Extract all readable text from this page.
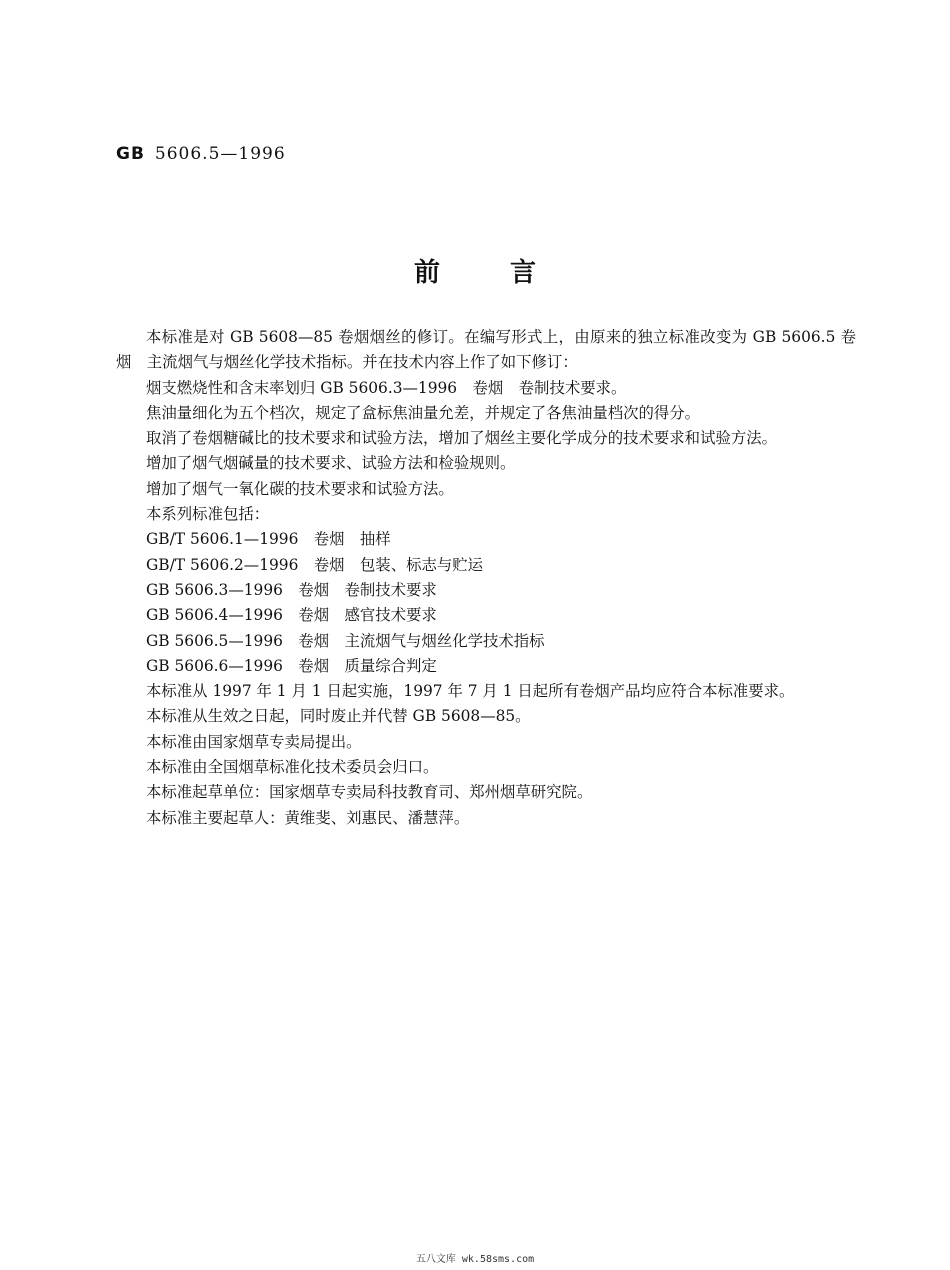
GB 5606.5—1996
前言

本标准是对 GB 5608—85 卷烟烟丝的修订。在编写形式上，由原来的独立标准改变为 GB 5606.5 卷烟　主流烟气与烟丝化学技术指标。并在技术内容上作了如下修订：

烟支燃烧性和含末率划归 GB 5606.3—1996　卷烟　卷制技术要求。

焦油量细化为五个档次，规定了盒标焦油量允差，并规定了各焦油量档次的得分。

取消了卷烟糖碱比的技术要求和试验方法，增加了烟丝主要化学成分的技术要求和试验方法。

增加了烟气烟碱量的技术要求、试验方法和检验规则。

增加了烟气一氧化碳的技术要求和试验方法。

本系列标准包括：

GB/T 5606.1—1996　卷烟　抽样

GB/T 5606.2—1996　卷烟　包装、标志与贮运

GB 5606.3—1996　卷烟　卷制技术要求

GB 5606.4—1996　卷烟　感官技术要求

GB 5606.5—1996　卷烟　主流烟气与烟丝化学技术指标

GB 5606.6—1996　卷烟　质量综合判定

本标准从 1997 年 1 月 1 日起实施，1997 年 7 月 1 日起所有卷烟产品均应符合本标准要求。

本标准从生效之日起，同时废止并代替 GB 5608—85。

本标准由国家烟草专卖局提出。

本标准由全国烟草标准化技术委员会归口。

本标准起草单位：国家烟草专卖局科技教育司、郑州烟草研究院。

本标准主要起草人：黄维斐、刘惠民、潘慧萍。

五八文库 wk.58sms.com
